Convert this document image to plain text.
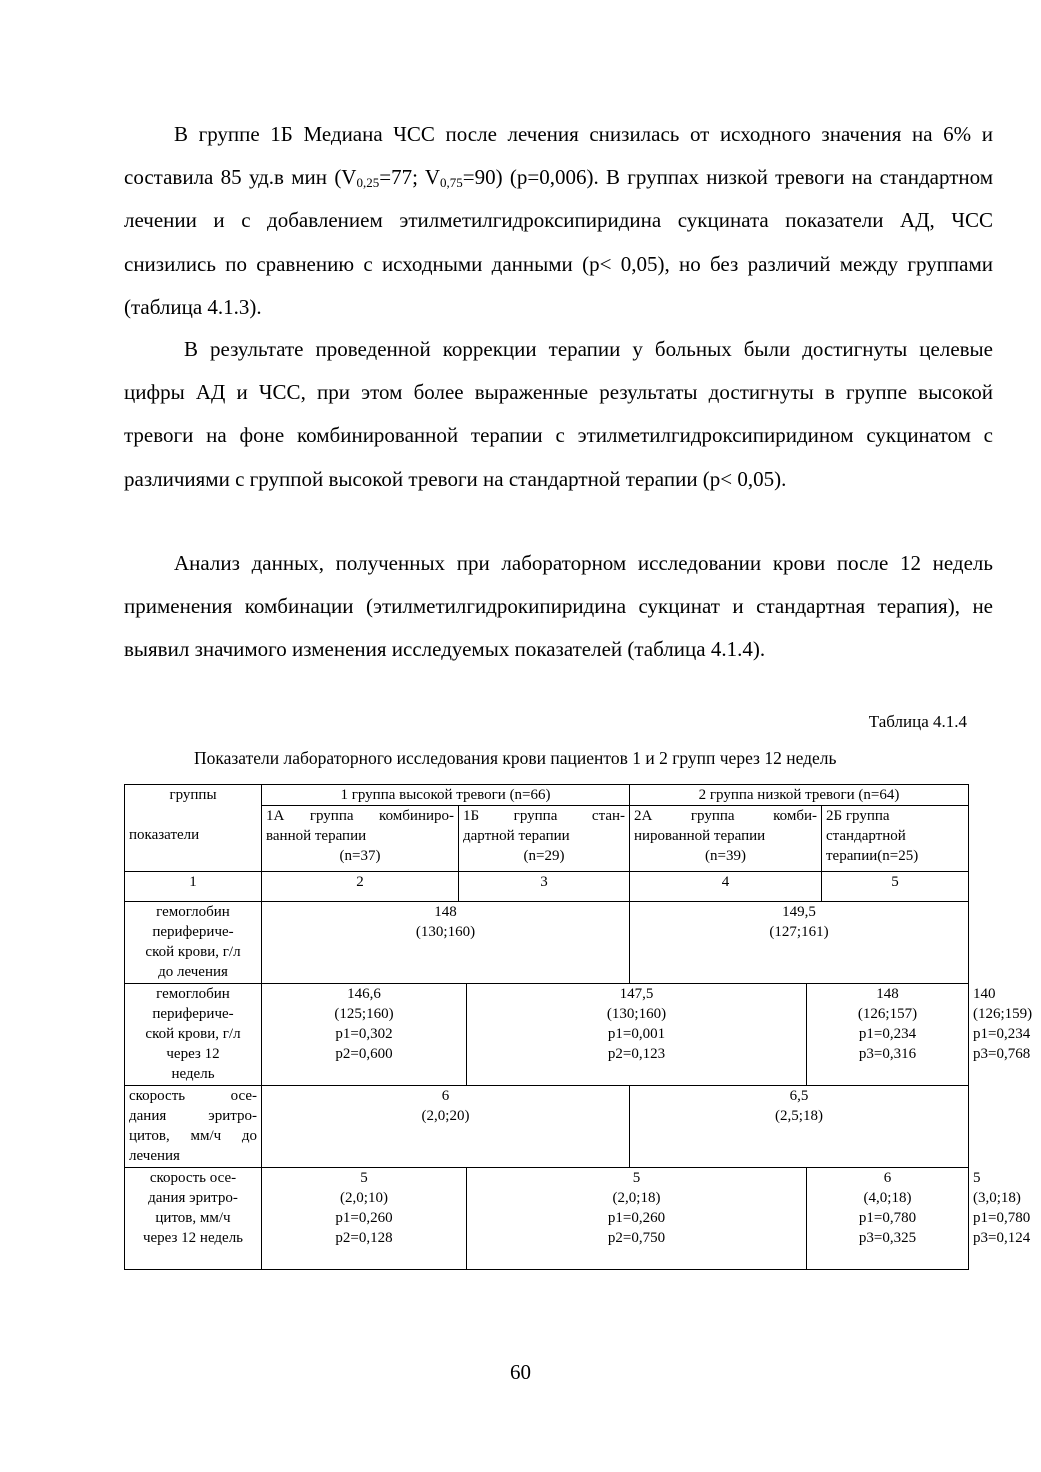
В группе 1Б Медиана ЧСС после лечения снизилась от исходного значения на 6% и составила 85 уд.в мин ($V_{0,25}=77$; $V_{0,75}=90$) (p=0,006). В группах низкой тревоги на стандартном лечении и с добавлением этилметилгидроксипиридина сукцината показатели АД, ЧСС снизились по сравнению с исходными данными (p< 0,05), но без различий между группами (таблица 4.1.3).

В результате проведенной коррекции терапии у больных были достигнуты целевые цифры АД и ЧСС, при этом более выраженные результаты достигнуты в группе высокой тревоги на фоне комбинированной терапии с этилметилгидроксипиридином сукцинатом с различиями с группой высокой тревоги на стандартной терапии (p< 0,05).

Анализ данных, полученных при лабораторном исследовании крови после 12 недель применения комбинации (этилметилгидрокипиридина сукцинат и стандартная терапия), не выявил значимого изменения исследуемых показателей (таблица 4.1.4).

Таблица 4.1.4
Показатели лабораторного исследования крови пациентов 1 и 2 групп через 12 недель
группы
показатели	1 группа высокой тревоги (n=66)			2 группа низкой тревоги (n=64)			

	1А группа комбиниро-
ванной терапии
(n=37)	1Б группа стан-
дартной терапии
(n=29)		2А группа комби-
нированной терапии
(n=39)		2Б группа
стандартной
терапии(n=25)	

1	2	3		4		5	

гемоглобин
периферичe-
ской крови, г/л
до лечения	148
(130;160)			149,5
(127;161)			

гемоглобин
периферичe-
ской крови, г/л
через 12
недель	146,6
(125;160)
p1=0,302
p2=0,600		147,5
(130;160)
p1=0,001
p2=0,123		148
(126;157)
p1=0,234
p3=0,316		140
(126;159)
p1=0,234
p3=0,768

скорость осе-
дания эритро-
цитов, мм/ч до
лечения	6
(2,0;20)			6,5
(2,5;18)			

скорость осе-
дания эритро-
цитов, мм/ч
через 12 недель	5
(2,0;10)
p1=0,260
p2=0,128		5
(2,0;18)
p1=0,260
p2=0,750		6
(4,0;18)
p1=0,780
p3=0,325		5
(3,0;18)
p1=0,780
p3=0,124
60
